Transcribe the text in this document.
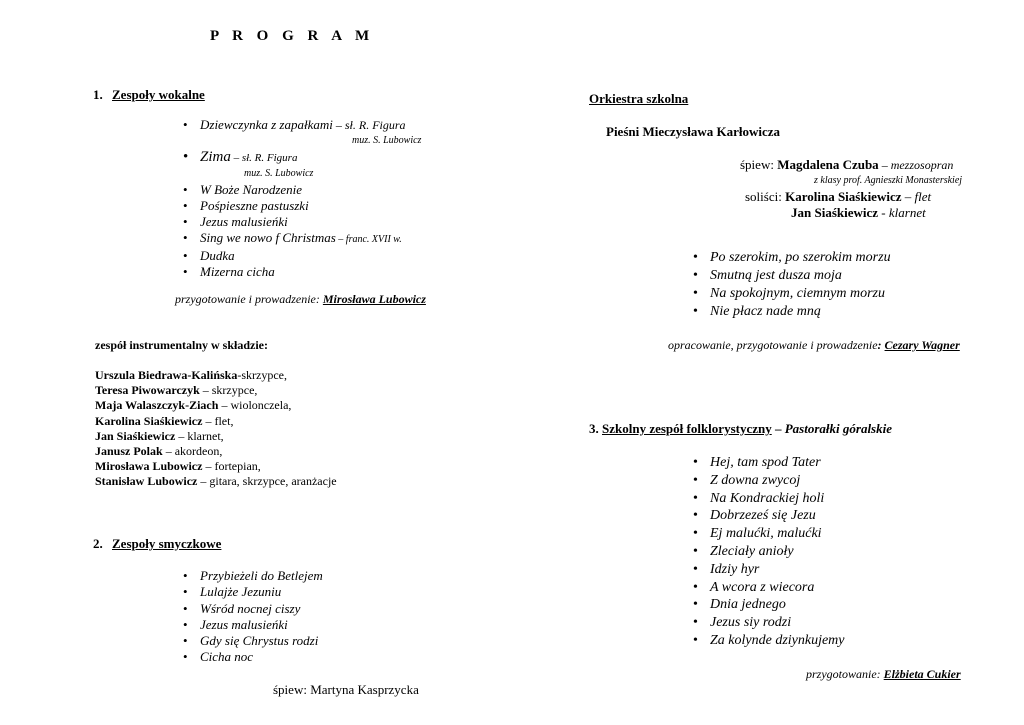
P R O G R A M
1. Zespoły wokalne
• Dziewczynka z zapałkami – sł. R. Figura
muz. S. Lubowicz
• Zima – sł. R. Figura
muz. S. Lubowicz
• W Boże Narodzenie
• Pośpieszne pastuszki
• Jezus malusieńki
• Sing we nowo f Christmas – franc. XVII w.
• Dudka
• Mizerna cicha
przygotowanie i prowadzenie: Mirosława Lubowicz
zespół instrumentalny w składzie:
Urszula Biedrawa-Kalińska-skrzypce,
Teresa Piwowarczyk – skrzypce,
Maja Walaszczyk-Ziach – wiolonczela,
Karolina Siaśkiewicz – flet,
Jan Siaśkiewicz – klarnet,
Janusz Polak – akordeon,
Mirosława Lubowicz – fortepian,
Stanisław Lubowicz – gitara, skrzypce, aranżacje
2. Zespoły smyczkowe
• Przybieżeli do Betlejem
• Lulajże Jezuniu
• Wśród nocnej ciszy
• Jezus malusieńki
• Gdy się Chrystus rodzi
• Cicha noc
śpiew: Martyna Kasprzycka
Orkiestra szkolna
Pieśni Mieczysława Karłowicza
śpiew: Magdalena Czuba – mezzosopran
z klasy prof. Agnieszki Monasterskiej
soliści: Karolina Siaśkiewicz – flet
Jan Siaśkiewicz - klarnet
• Po szerokim, po szerokim morzu
• Smutną jest dusza moja
• Na spokojnym, ciemnym morzu
• Nie płacz nade mną
opracowanie, przygotowanie i prowadzenie: Cezary Wagner
3. Szkolny zespół folklorystyczny – Pastorałki góralskie
• Hej, tam spod Tater
• Z downa zwycoj
• Na Kondrackiej holi
• Dobrzeześ się Jezu
• Ej malućki, malućki
• Zleciały anioły
• Idziy hyr
• A wcora z wiecora
• Dnia jednego
• Jezus siy rodzi
• Za kolynde dziynkujemy
przygotowanie: Elżbieta Cukier
